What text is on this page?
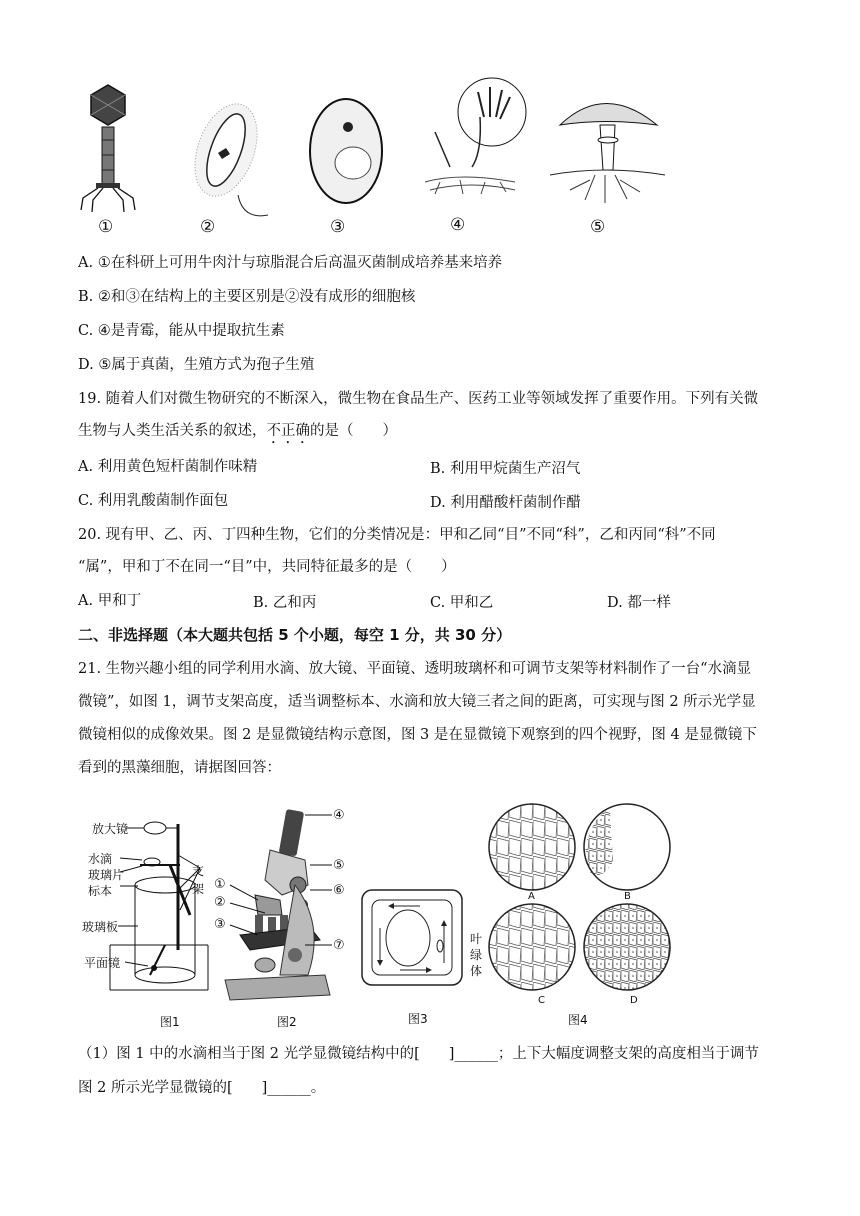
①	②	③	④	⑤
A. ①在科研上可用牛肉汁与琼脂混合后高温灭菌制成培养基来培养
B. ②和③在结构上的主要区别是②没有成形的细胞核
C. ④是青霉，能从中提取抗生素
D. ⑤属于真菌，生殖方式为孢子生殖
19. 随着人们对微生物研究的不断深入，微生物在食品生产、医药工业等领域发挥了重要作用。下列有关微
生物与人类生活关系的叙述，不正确的是（　　）
A. 利用黄色短杆菌制作味精	B. 利用甲烷菌生产沼气
C. 利用乳酸菌制作面包	D. 利用醋酸杆菌制作醋
20. 现有甲、乙、丙、丁四种生物，它们的分类情况是：甲和乙同“目”不同“科”，乙和丙同“科”不同
“属”，甲和丁不在同一“目”中，共同特征最多的是（　　）
A. 甲和丁	B. 乙和丙	C. 甲和乙	D. 都一样
二、非选择题（本大题共包括 5 个小题，每空 1 分，共 30 分）
21. 生物兴趣小组的同学利用水滴、放大镜、平面镜、透明玻璃杯和可调节支架等材料制作了一台“水滴显
微镜”，如图 1，调节支架高度，适当调整标本、水滴和放大镜三者之间的距离，可实现与图 2 所示光学显
微镜相似的成像效果。图 2 是显微镜结构示意图，图 3 是在显微镜下观察到的四个视野，图 4 是显微镜下
看到的黑藻细胞，请据图回答：
放大镜
水滴
玻璃片
标本
玻璃板
平面镜
支
架
图1
④
⑤
⑥
①
②
③
⑦
图2
叶
绿
体
图3
A	B
C	D
图4
（1）图 1 中的水滴相当于图 2 光学显微镜结构中的[　　]______；上下大幅度调整支架的高度相当于调节
图 2 所示光学显微镜的[　　]______。
